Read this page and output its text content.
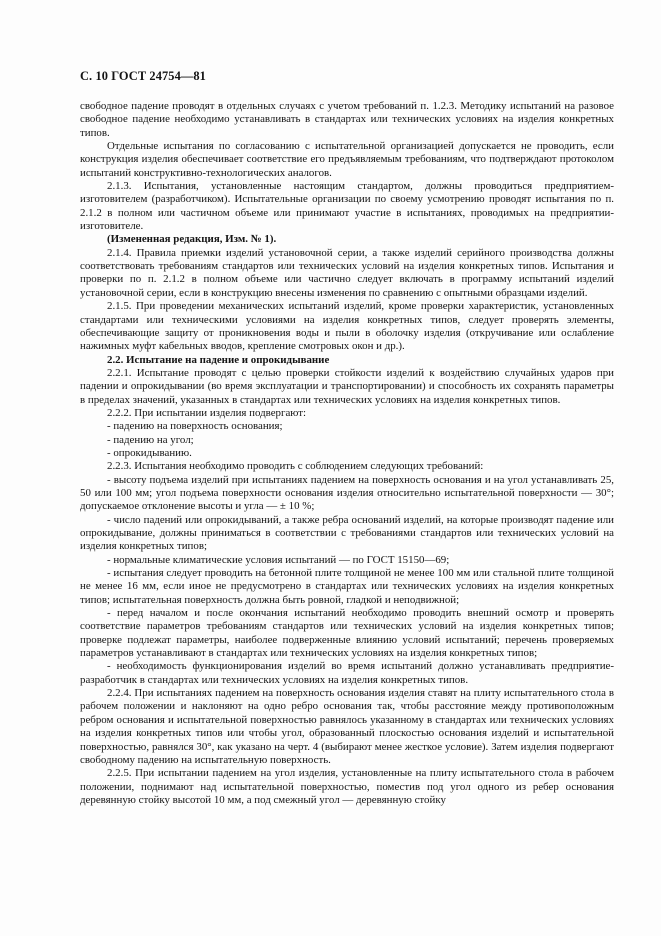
С. 10 ГОСТ 24754—81

свободное падение проводят в отдельных случаях с учетом требований п. 1.2.3. Методику испытаний на разовое свободное падение необходимо устанавливать в стандартах или технических условиях на изделия конкретных типов.

Отдельные испытания по согласованию с испытательной организацией допускается не проводить, если конструкция изделия обеспечивает соответствие его предъявляемым требованиям, что подтверждают протоколом испытаний конструктивно-технологических аналогов.

2.1.3. Испытания, установленные настоящим стандартом, должны проводиться предприятием-изготовителем (разработчиком). Испытательные организации по своему усмотрению проводят испытания по п. 2.1.2 в полном или частичном объеме или принимают участие в испытаниях, проводимых на предприятии-изготовителе.

(Измененная редакция, Изм. № 1).

2.1.4. Правила приемки изделий установочной серии, а также изделий серийного производства должны соответствовать требованиям стандартов или технических условий на изделия конкретных типов. Испытания и проверки по п. 2.1.2 в полном объеме или частично следует включать в программу испытаний изделий установочной серии, если в конструкцию внесены изменения по сравнению с опытными образцами изделий.

2.1.5. При проведении механических испытаний изделий, кроме проверки характеристик, установленных стандартами или техническими условиями на изделия конкретных типов, следует проверять элементы, обеспечивающие защиту от проникновения воды и пыли в оболочку изделия (откручивание или ослабление нажимных муфт кабельных вводов, крепление смотровых окон и др.).

2.2. Испытание на падение и опрокидывание

2.2.1. Испытание проводят с целью проверки стойкости изделий к воздействию случайных ударов при падении и опрокидывании (во время эксплуатации и транспортировании) и способность их сохранять параметры в пределах значений, указанных в стандартах или технических условиях на изделия конкретных типов.

2.2.2. При испытании изделия подвергают:

- падению на поверхность основания;

- падению на угол;

- опрокидыванию.

2.2.3. Испытания необходимо проводить с соблюдением следующих требований:

- высоту подъема изделий при испытаниях падением на поверхность основания и на угол устанавливать 25, 50 или 100 мм; угол подъема поверхности основания изделия относительно испытательной поверхности — 30°; допускаемое отклонение высоты и угла — ± 10 %;

- число падений или опрокидываний, а также ребра оснований изделий, на которые производят падение или опрокидывание, должны приниматься в соответствии с требованиями стандартов или технических условий на изделия конкретных типов;

- нормальные климатические условия испытаний — по ГОСТ 15150—69;

- испытания следует проводить на бетонной плите толщиной не менее 100 мм или стальной плите толщиной не менее 16 мм, если иное не предусмотрено в стандартах или технических условиях на изделия конкретных типов; испытательная поверхность должна быть ровной, гладкой и неподвижной;

- перед началом и после окончания испытаний необходимо проводить внешний осмотр и проверять соответствие параметров требованиям стандартов или технических условий на изделия конкретных типов; проверке подлежат параметры, наиболее подверженные влиянию условий испытаний; перечень проверяемых параметров устанавливают в стандартах или технических условиях на изделия конкретных типов;

- необходимость функционирования изделий во время испытаний должно устанавливать предприятие-разработчик в стандартах или технических условиях на изделия конкретных типов.

2.2.4. При испытаниях падением на поверхность основания изделия ставят на плиту испытательного стола в рабочем положении и наклоняют на одно ребро основания так, чтобы расстояние между противоположным ребром основания и испытательной поверхностью равнялось указанному в стандартах или технических условиях на изделия конкретных типов или чтобы угол, образованный плоскостью основания изделий и испытательной поверхностью, равнялся 30°, как указано на черт. 4 (выбирают менее жесткое условие). Затем изделия подвергают свободному падению на испытательную поверхность.

2.2.5. При испытании падением на угол изделия, установленные на плиту испытательного стола в рабочем положении, поднимают над испытательной поверхностью, поместив под угол одного из ребер основания деревянную стойку высотой 10 мм, а под смежный угол — деревянную стойку
